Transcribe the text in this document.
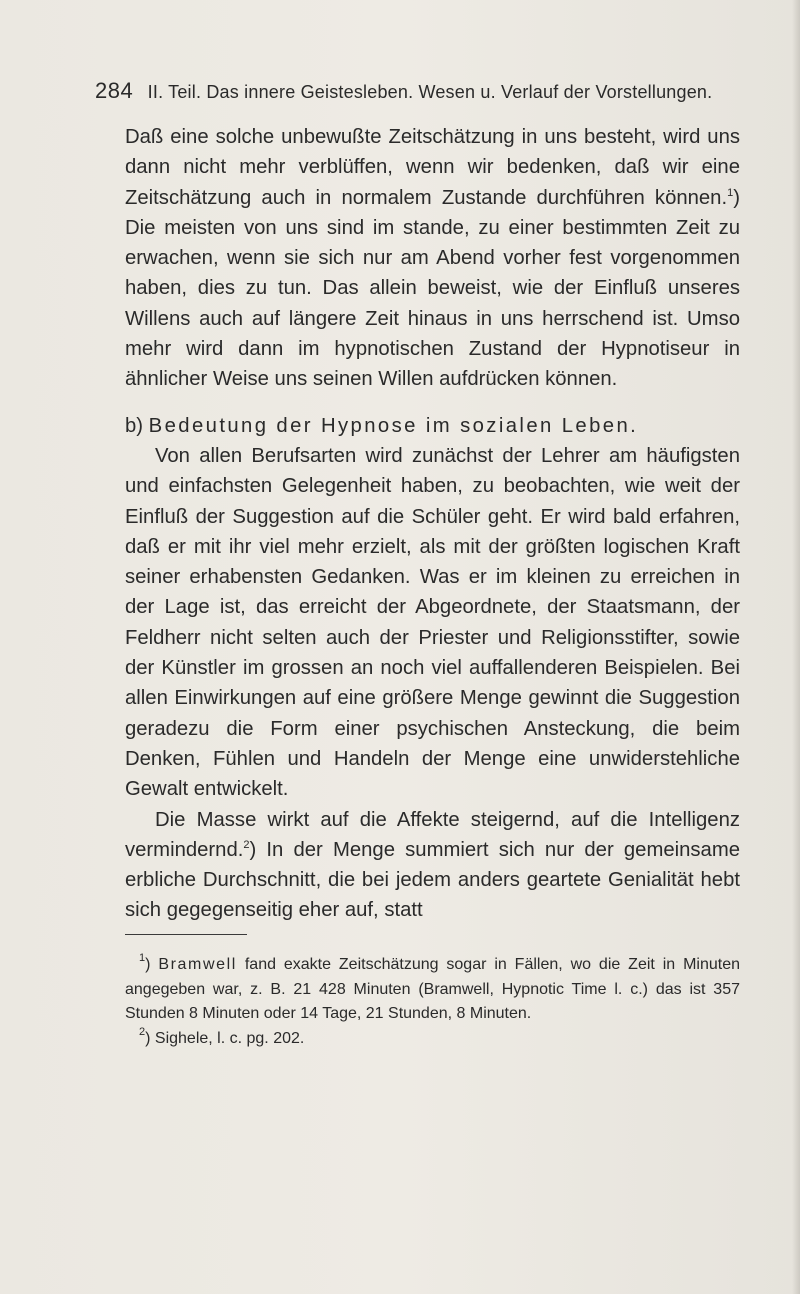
284 II. Teil. Das innere Geistesleben. Wesen u. Verlauf der Vorstellungen.

Daß eine solche unbewußte Zeitschätzung in uns besteht, wird uns dann nicht mehr verblüffen, wenn wir bedenken, daß wir eine Zeitschätzung auch in normalem Zustande durchführen können.$^1$) Die meisten von uns sind im stande, zu einer bestimmten Zeit zu erwachen, wenn sie sich nur am Abend vorher fest vorgenommen haben, dies zu tun. Das allein beweist, wie der Einfluß unseres Willens auch auf längere Zeit hinaus in uns herrschend ist. Umso mehr wird dann im hypnotischen Zustand der Hypnotiseur in ähnlicher Weise uns seinen Willen aufdrücken können.

b) Bedeutung der Hypnose im sozialen Leben.

Von allen Berufsarten wird zunächst der Lehrer am häufigsten und einfachsten Gelegenheit haben, zu beobachten, wie weit der Einfluß der Suggestion auf die Schüler geht. Er wird bald erfahren, daß er mit ihr viel mehr erzielt, als mit der größten logischen Kraft seiner erhabensten Gedanken. Was er im kleinen zu erreichen in der Lage ist, das erreicht der Abgeordnete, der Staatsmann, der Feldherr nicht selten auch der Priester und Religionsstifter, sowie der Künstler im grossen an noch viel auffallenderen Beispielen. Bei allen Einwirkungen auf eine größere Menge gewinnt die Suggestion geradezu die Form einer psychischen Ansteckung, die beim Denken, Fühlen und Handeln der Menge eine unwiderstehliche Gewalt entwickelt.

Die Masse wirkt auf die Affekte steigernd, auf die Intelligenz vermindernd.$^2$) In der Menge summiert sich nur der gemeinsame erbliche Durchschnitt, die bei jedem anders geartete Genialität hebt sich gegegenseitig eher auf, statt

$^1$) Bramwell fand exakte Zeitschätzung sogar in Fällen, wo die Zeit in Minuten angegeben war, z. B. 21 428 Minuten (Bramwell, Hypnotic Time l. c.) das ist 357 Stunden 8 Minuten oder 14 Tage, 21 Stunden, 8 Minuten.

$^2$) Sighele, l. c. pg. 202.
